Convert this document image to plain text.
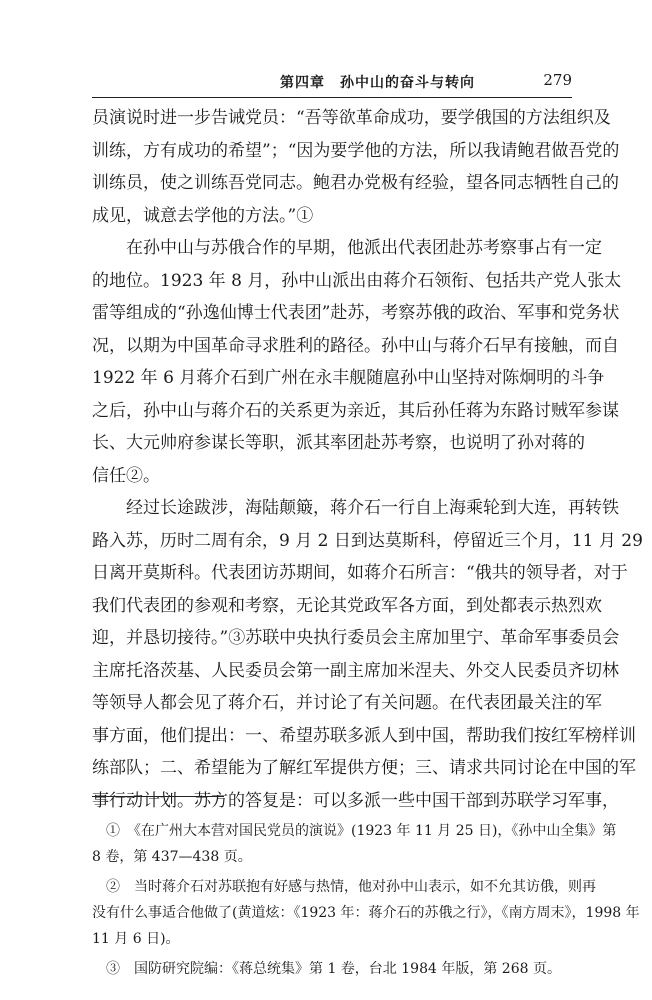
第四章　孙中山的奋斗与转向	279
员演说时进一步告诫党员：“吾等欲革命成功，要学俄国的方法组织及
训练，方有成功的希望”；“因为要学他的方法，所以我请鲍君做吾党的
训练员，使之训练吾党同志。鲍君办党极有经验，望各同志牺牲自己的
成见，诚意去学他的方法。”①
　　在孙中山与苏俄合作的早期，他派出代表团赴苏考察事占有一定
的地位。1923 年 8 月，孙中山派出由蒋介石领衔、包括共产党人张太
雷等组成的“孙逸仙博士代表团”赴苏，考察苏俄的政治、军事和党务状
况，以期为中国革命寻求胜利的路径。孙中山与蒋介石早有接触，而自
1922 年 6 月蒋介石到广州在永丰舰随扈孙中山坚持对陈炯明的斗争
之后，孙中山与蒋介石的关系更为亲近，其后孙任蒋为东路讨贼军参谋
长、大元帅府参谋长等职，派其率团赴苏考察，也说明了孙对蒋的
信任②。
　　经过长途跋涉，海陆颠簸，蒋介石一行自上海乘轮到大连，再转铁
路入苏，历时二周有余，9 月 2 日到达莫斯科，停留近三个月，11 月 29
日离开莫斯科。代表团访苏期间，如蒋介石所言：“俄共的领导者，对于
我们代表团的参观和考察，无论其党政军各方面，到处都表示热烈欢
迎，并恳切接待。”③苏联中央执行委员会主席加里宁、革命军事委员会
主席托洛茨基、人民委员会第一副主席加米涅夫、外交人民委员齐切林
等领导人都会见了蒋介石，并讨论了有关问题。在代表团最关注的军
事方面，他们提出：一、希望苏联多派人到中国，帮助我们按红军榜样训
练部队；二、希望能为了解红军提供方便；三、请求共同讨论在中国的军
事行动计划。苏方的答复是：可以多派一些中国干部到苏联学习军事，
　①　《在广州大本营对国民党员的演说》(1923 年 11 月 25 日)，《孙中山全集》第
8 卷，第 437—438 页。
　②　当时蒋介石对苏联抱有好感与热情，他对孙中山表示，如不允其访俄，则再
没有什么事适合他做了(黄道炫：《1923 年：蒋介石的苏俄之行》，《南方周末》，1998 年
11 月 6 日)。
　③　国防研究院编：《蒋总统集》第 1 卷，台北 1984 年版，第 268 页。
